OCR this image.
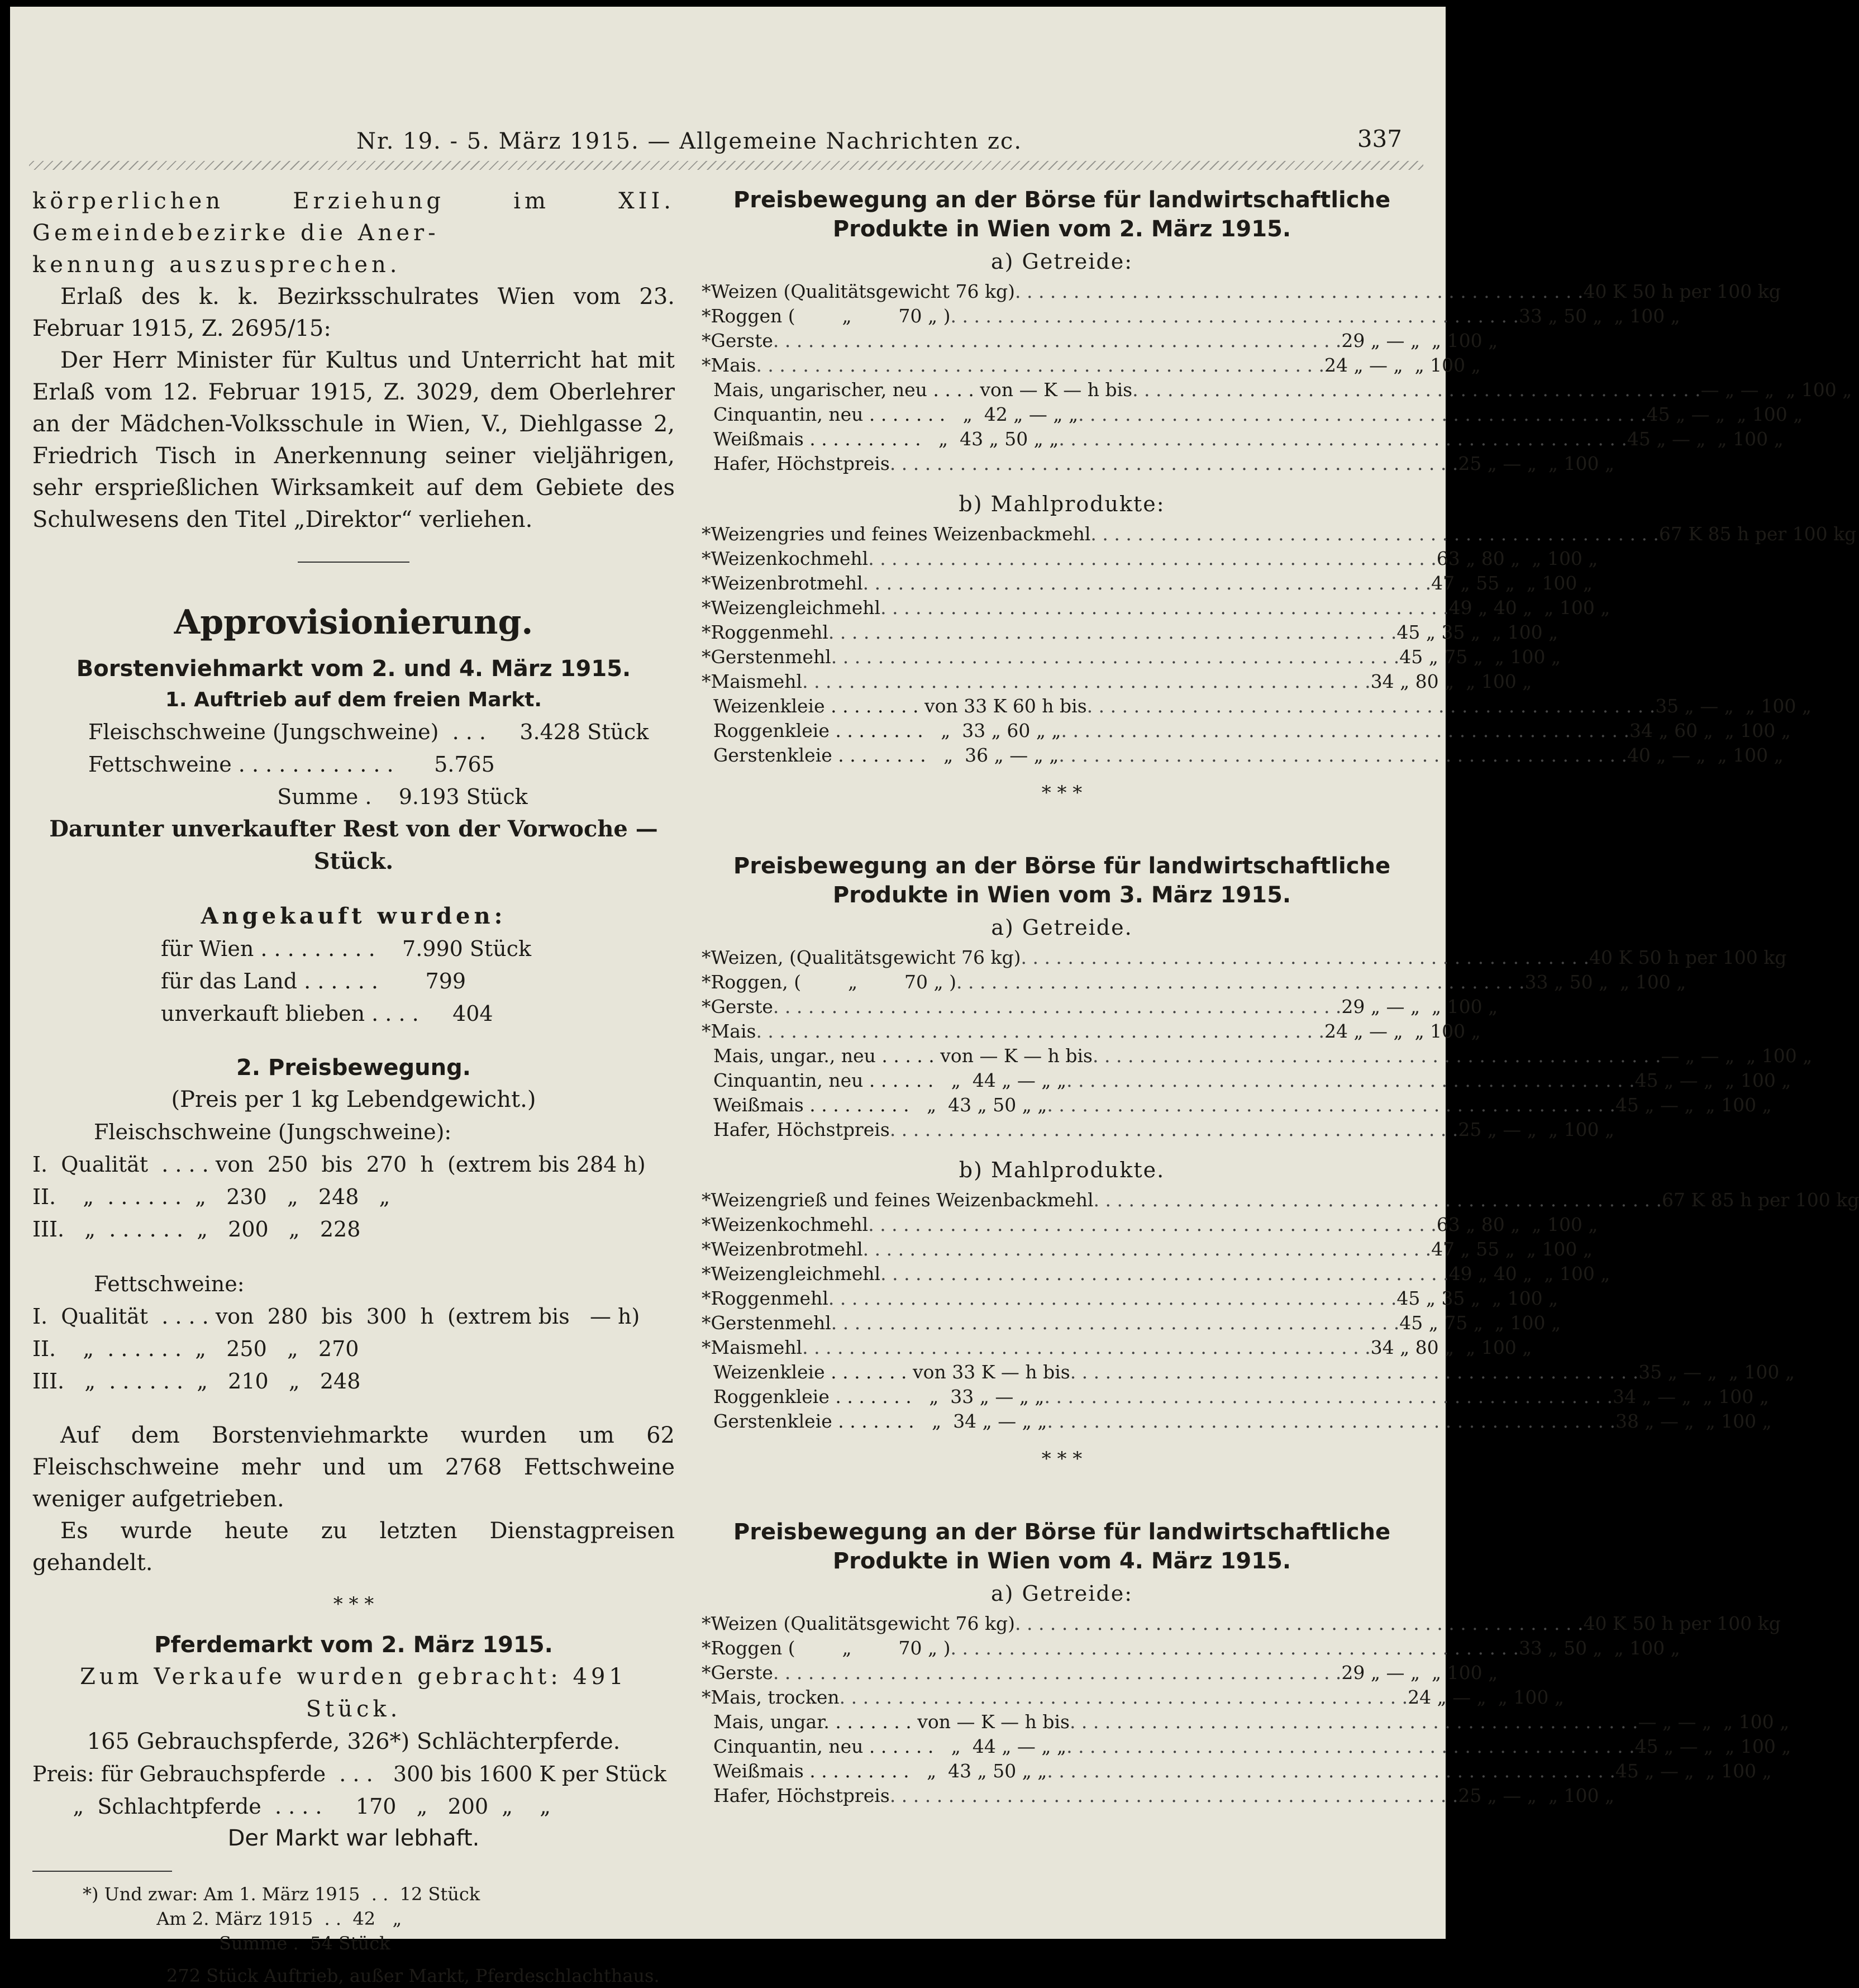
Nr. 19. - 5. März 1915. — Allgemeine Nachrichten zc.	337

körperlichen Erziehung im XII. Gemeindebezirke die Aner-

kennung auszusprechen.

Erlaß des k. k. Bezirksschulrates Wien vom 23. Februar 1915, Z. 2695/15:

Der Herr Minister für Kultus und Unterricht hat mit Erlaß vom 12. Februar 1915, Z. 3029, dem Oberlehrer an der Mädchen-Volksschule in Wien, V., Diehlgasse 2, Friedrich Tisch in Anerkennung seiner vieljährigen, sehr ersprießlichen Wirksamkeit auf dem Gebiete des Schulwesens den Titel „Direktor“ verliehen.

Approvisionierung.

Borstenviehmarkt vom 2. und 4. März 1915.

1. Auftrieb auf dem freien Markt.

Fleischschweine (Jungschweine)  . . .     3.428 Stück

Fettschweine . . . . . . . . . . . .      5.765

Summe .    9.193 Stück

Darunter unverkaufter Rest von der Vorwoche — Stück.

Angekauft wurden:

für Wien . . . . . . . . .    7.990 Stück

für das Land . . . . . .       799

unverkauft blieben . . . .     404

2. Preisbewegung.

(Preis per 1 kg Lebendgewicht.)

Fleischschweine (Jungschweine):

I.  Qualität  . . . . von  250  bis  270  h  (extrem bis 284 h)

II.    „  . . . . . .  „   230   „   248   „

III.   „  . . . . . .  „   200   „   228

Fettschweine:

I.  Qualität  . . . . von  280  bis  300  h  (extrem bis   — h)

II.    „  . . . . . .  „   250   „   270

III.   „  . . . . . .  „   210   „   248

Auf dem Borstenviehmarkte wurden um 62 Fleischschweine mehr und um 2768 Fettschweine weniger aufgetrieben.

Es wurde heute zu letzten Dienstagpreisen gehandelt.

* * *

Pferdemarkt vom 2. März 1915.

Zum Verkaufe wurden gebracht: 491 Stück.

165 Gebrauchspferde, 326*) Schlächterpferde.

Preis: für Gebrauchspferde  . . .   300 bis 1600 K per Stück

„  Schlachtpferde  . . . .     170   „   200  „    „

Der Markt war lebhaft.

*) Und zwar: Am 1. März 1915  . .  12 Stück

Am 2. März 1915  . .  42   „

Summe .  54 Stück

272 Stück Auftrieb, außer Markt, Pferdeschlachthaus.

Preisbewegung an der Börse für landwirtschaftliche

Produkte in Wien vom 2. März 1915.

a) Getreide:

*Weizen (Qualitätsgewicht 76 kg) . . . . . . . . . . . . . . . . . . . . . . . . . . . . . . . . . . . . . . . . . . . . . . . . . 40 K 50 h per 100 kg
*Roggen (        „        70 „ ) . . . . . . . . . . . . . . . . . . . . . . . . . . . . . . . . . . . . . . . . . . . . . . . . . 33 „ 50 „  „ 100 „
*Gerste . . . . . . . . . . . . . . . . . . . . . . . . . . . . . . . . . . . . . . . . . . . . . . . . . 29 „ — „  „ 100 „
*Mais . . . . . . . . . . . . . . . . . . . . . . . . . . . . . . . . . . . . . . . . . . . . . . . . . 24 „ — „  „ 100 „
Mais, ungarischer, neu . . . . von — K — h bis . . . . . . . . . . . . . . . . . . . . . . . . . . . . . . . . . . . . . . . . . . . . . . . . . — „ — „  „ 100 „
Cinquantin, neu . . . . . . .   „  42 „ — „ „ . . . . . . . . . . . . . . . . . . . . . . . . . . . . . . . . . . . . . . . . . . . . . . . . . 45 „ — „  „ 100 „
Weißmais . . . . . . . . . .   „  43 „ 50 „ „ . . . . . . . . . . . . . . . . . . . . . . . . . . . . . . . . . . . . . . . . . . . . . . . . . 45 „ — „  „ 100 „
Hafer, Höchstpreis . . . . . . . . . . . . . . . . . . . . . . . . . . . . . . . . . . . . . . . . . . . . . . . . . 25 „ — „  „ 100 „

b) Mahlprodukte:

*Weizengries und feines Weizenbackmehl . . . . . . . . . . . . . . . . . . . . . . . . . . . . . . . . . . . . . . . . . . . . . . . . . 67 K 85 h per 100 kg
*Weizenkochmehl . . . . . . . . . . . . . . . . . . . . . . . . . . . . . . . . . . . . . . . . . . . . . . . . . 63 „ 80 „  „ 100 „
*Weizenbrotmehl . . . . . . . . . . . . . . . . . . . . . . . . . . . . . . . . . . . . . . . . . . . . . . . . . 47 „ 55 „  „ 100 „
*Weizengleichmehl . . . . . . . . . . . . . . . . . . . . . . . . . . . . . . . . . . . . . . . . . . . . . . . . . 49 „ 40 „  „ 100 „
*Roggenmehl . . . . . . . . . . . . . . . . . . . . . . . . . . . . . . . . . . . . . . . . . . . . . . . . . 45 „ 35 „  „ 100 „
*Gerstenmehl . . . . . . . . . . . . . . . . . . . . . . . . . . . . . . . . . . . . . . . . . . . . . . . . . 45 „ 75 „  „ 100 „
*Maismehl . . . . . . . . . . . . . . . . . . . . . . . . . . . . . . . . . . . . . . . . . . . . . . . . . 34 „ 80 „  „ 100 „
Weizenkleie . . . . . . . . von 33 K 60 h bis . . . . . . . . . . . . . . . . . . . . . . . . . . . . . . . . . . . . . . . . . . . . . . . . . 35 „ — „  „ 100 „
Roggenkleie . . . . . . . .   „  33 „ 60 „ „ . . . . . . . . . . . . . . . . . . . . . . . . . . . . . . . . . . . . . . . . . . . . . . . . . 34 „ 60 „  „ 100 „
Gerstenkleie . . . . . . . .   „  36 „ — „ „ . . . . . . . . . . . . . . . . . . . . . . . . . . . . . . . . . . . . . . . . . . . . . . . . . 40 „ — „  „ 100 „

* * *

Preisbewegung an der Börse für landwirtschaftliche

Produkte in Wien vom 3. März 1915.

a) Getreide.

*Weizen, (Qualitätsgewicht 76 kg) . . . . . . . . . . . . . . . . . . . . . . . . . . . . . . . . . . . . . . . . . . . . . . . . . 40 K 50 h per 100 kg
*Roggen, (        „        70 „ ) . . . . . . . . . . . . . . . . . . . . . . . . . . . . . . . . . . . . . . . . . . . . . . . . . 33 „ 50 „  „ 100 „
*Gerste . . . . . . . . . . . . . . . . . . . . . . . . . . . . . . . . . . . . . . . . . . . . . . . . . 29 „ — „  „ 100 „
*Mais . . . . . . . . . . . . . . . . . . . . . . . . . . . . . . . . . . . . . . . . . . . . . . . . . 24 „ — „  „ 100 „
Mais, ungar., neu . . . . . von — K — h bis . . . . . . . . . . . . . . . . . . . . . . . . . . . . . . . . . . . . . . . . . . . . . . . . . — „ — „  „ 100 „
Cinquantin, neu . . . . . .   „  44 „ — „ „ . . . . . . . . . . . . . . . . . . . . . . . . . . . . . . . . . . . . . . . . . . . . . . . . . 45 „ — „  „ 100 „
Weißmais . . . . . . . . .   „  43 „ 50 „ „ . . . . . . . . . . . . . . . . . . . . . . . . . . . . . . . . . . . . . . . . . . . . . . . . . 45 „ — „  „ 100 „
Hafer, Höchstpreis . . . . . . . . . . . . . . . . . . . . . . . . . . . . . . . . . . . . . . . . . . . . . . . . . 25 „ — „  „ 100 „

b) Mahlprodukte.

*Weizengrieß und feines Weizenbackmehl . . . . . . . . . . . . . . . . . . . . . . . . . . . . . . . . . . . . . . . . . . . . . . . . . 67 K 85 h per 100 kg
*Weizenkochmehl . . . . . . . . . . . . . . . . . . . . . . . . . . . . . . . . . . . . . . . . . . . . . . . . . 63 „ 80 „  „ 100 „
*Weizenbrotmehl . . . . . . . . . . . . . . . . . . . . . . . . . . . . . . . . . . . . . . . . . . . . . . . . . 47 „ 55 „  „ 100 „
*Weizengleichmehl . . . . . . . . . . . . . . . . . . . . . . . . . . . . . . . . . . . . . . . . . . . . . . . . . 49 „ 40 „  „ 100 „
*Roggenmehl . . . . . . . . . . . . . . . . . . . . . . . . . . . . . . . . . . . . . . . . . . . . . . . . . 45 „ 35 „  „ 100 „
*Gerstenmehl . . . . . . . . . . . . . . . . . . . . . . . . . . . . . . . . . . . . . . . . . . . . . . . . . 45 „ 75 „  „ 100 „
*Maismehl . . . . . . . . . . . . . . . . . . . . . . . . . . . . . . . . . . . . . . . . . . . . . . . . . 34 „ 80 „  „ 100 „
Weizenkleie . . . . . . . von 33 K — h bis . . . . . . . . . . . . . . . . . . . . . . . . . . . . . . . . . . . . . . . . . . . . . . . . . 35 „ — „  „ 100 „
Roggenkleie . . . . . . .   „  33 „ — „ „ . . . . . . . . . . . . . . . . . . . . . . . . . . . . . . . . . . . . . . . . . . . . . . . . . 34 „ — „  „ 100 „
Gerstenkleie . . . . . . .   „  34 „ — „ „ . . . . . . . . . . . . . . . . . . . . . . . . . . . . . . . . . . . . . . . . . . . . . . . . . 38 „ — „  „ 100 „

* * *

Preisbewegung an der Börse für landwirtschaftliche

Produkte in Wien vom 4. März 1915.

a) Getreide:

*Weizen (Qualitätsgewicht 76 kg) . . . . . . . . . . . . . . . . . . . . . . . . . . . . . . . . . . . . . . . . . . . . . . . . . 40 K 50 h per 100 kg
*Roggen (        „        70 „ ) . . . . . . . . . . . . . . . . . . . . . . . . . . . . . . . . . . . . . . . . . . . . . . . . . 33 „ 50 „  „ 100 „
*Gerste . . . . . . . . . . . . . . . . . . . . . . . . . . . . . . . . . . . . . . . . . . . . . . . . . 29 „ — „  „ 100 „
*Mais, trocken . . . . . . . . . . . . . . . . . . . . . . . . . . . . . . . . . . . . . . . . . . . . . . . . . 24 „ — „  „ 100 „
Mais, ungar. . . . . . . . von — K — h bis . . . . . . . . . . . . . . . . . . . . . . . . . . . . . . . . . . . . . . . . . . . . . . . . . — „ — „  „ 100 „
Cinquantin, neu . . . . . .   „  44 „ — „ „ . . . . . . . . . . . . . . . . . . . . . . . . . . . . . . . . . . . . . . . . . . . . . . . . . 45 „ — „  „ 100 „
Weißmais . . . . . . . . .   „  43 „ 50 „ „ . . . . . . . . . . . . . . . . . . . . . . . . . . . . . . . . . . . . . . . . . . . . . . . . . 45 „ — „  „ 100 „
Hafer, Höchstpreis . . . . . . . . . . . . . . . . . . . . . . . . . . . . . . . . . . . . . . . . . . . . . . . . . 25 „ — „  „ 100 „
